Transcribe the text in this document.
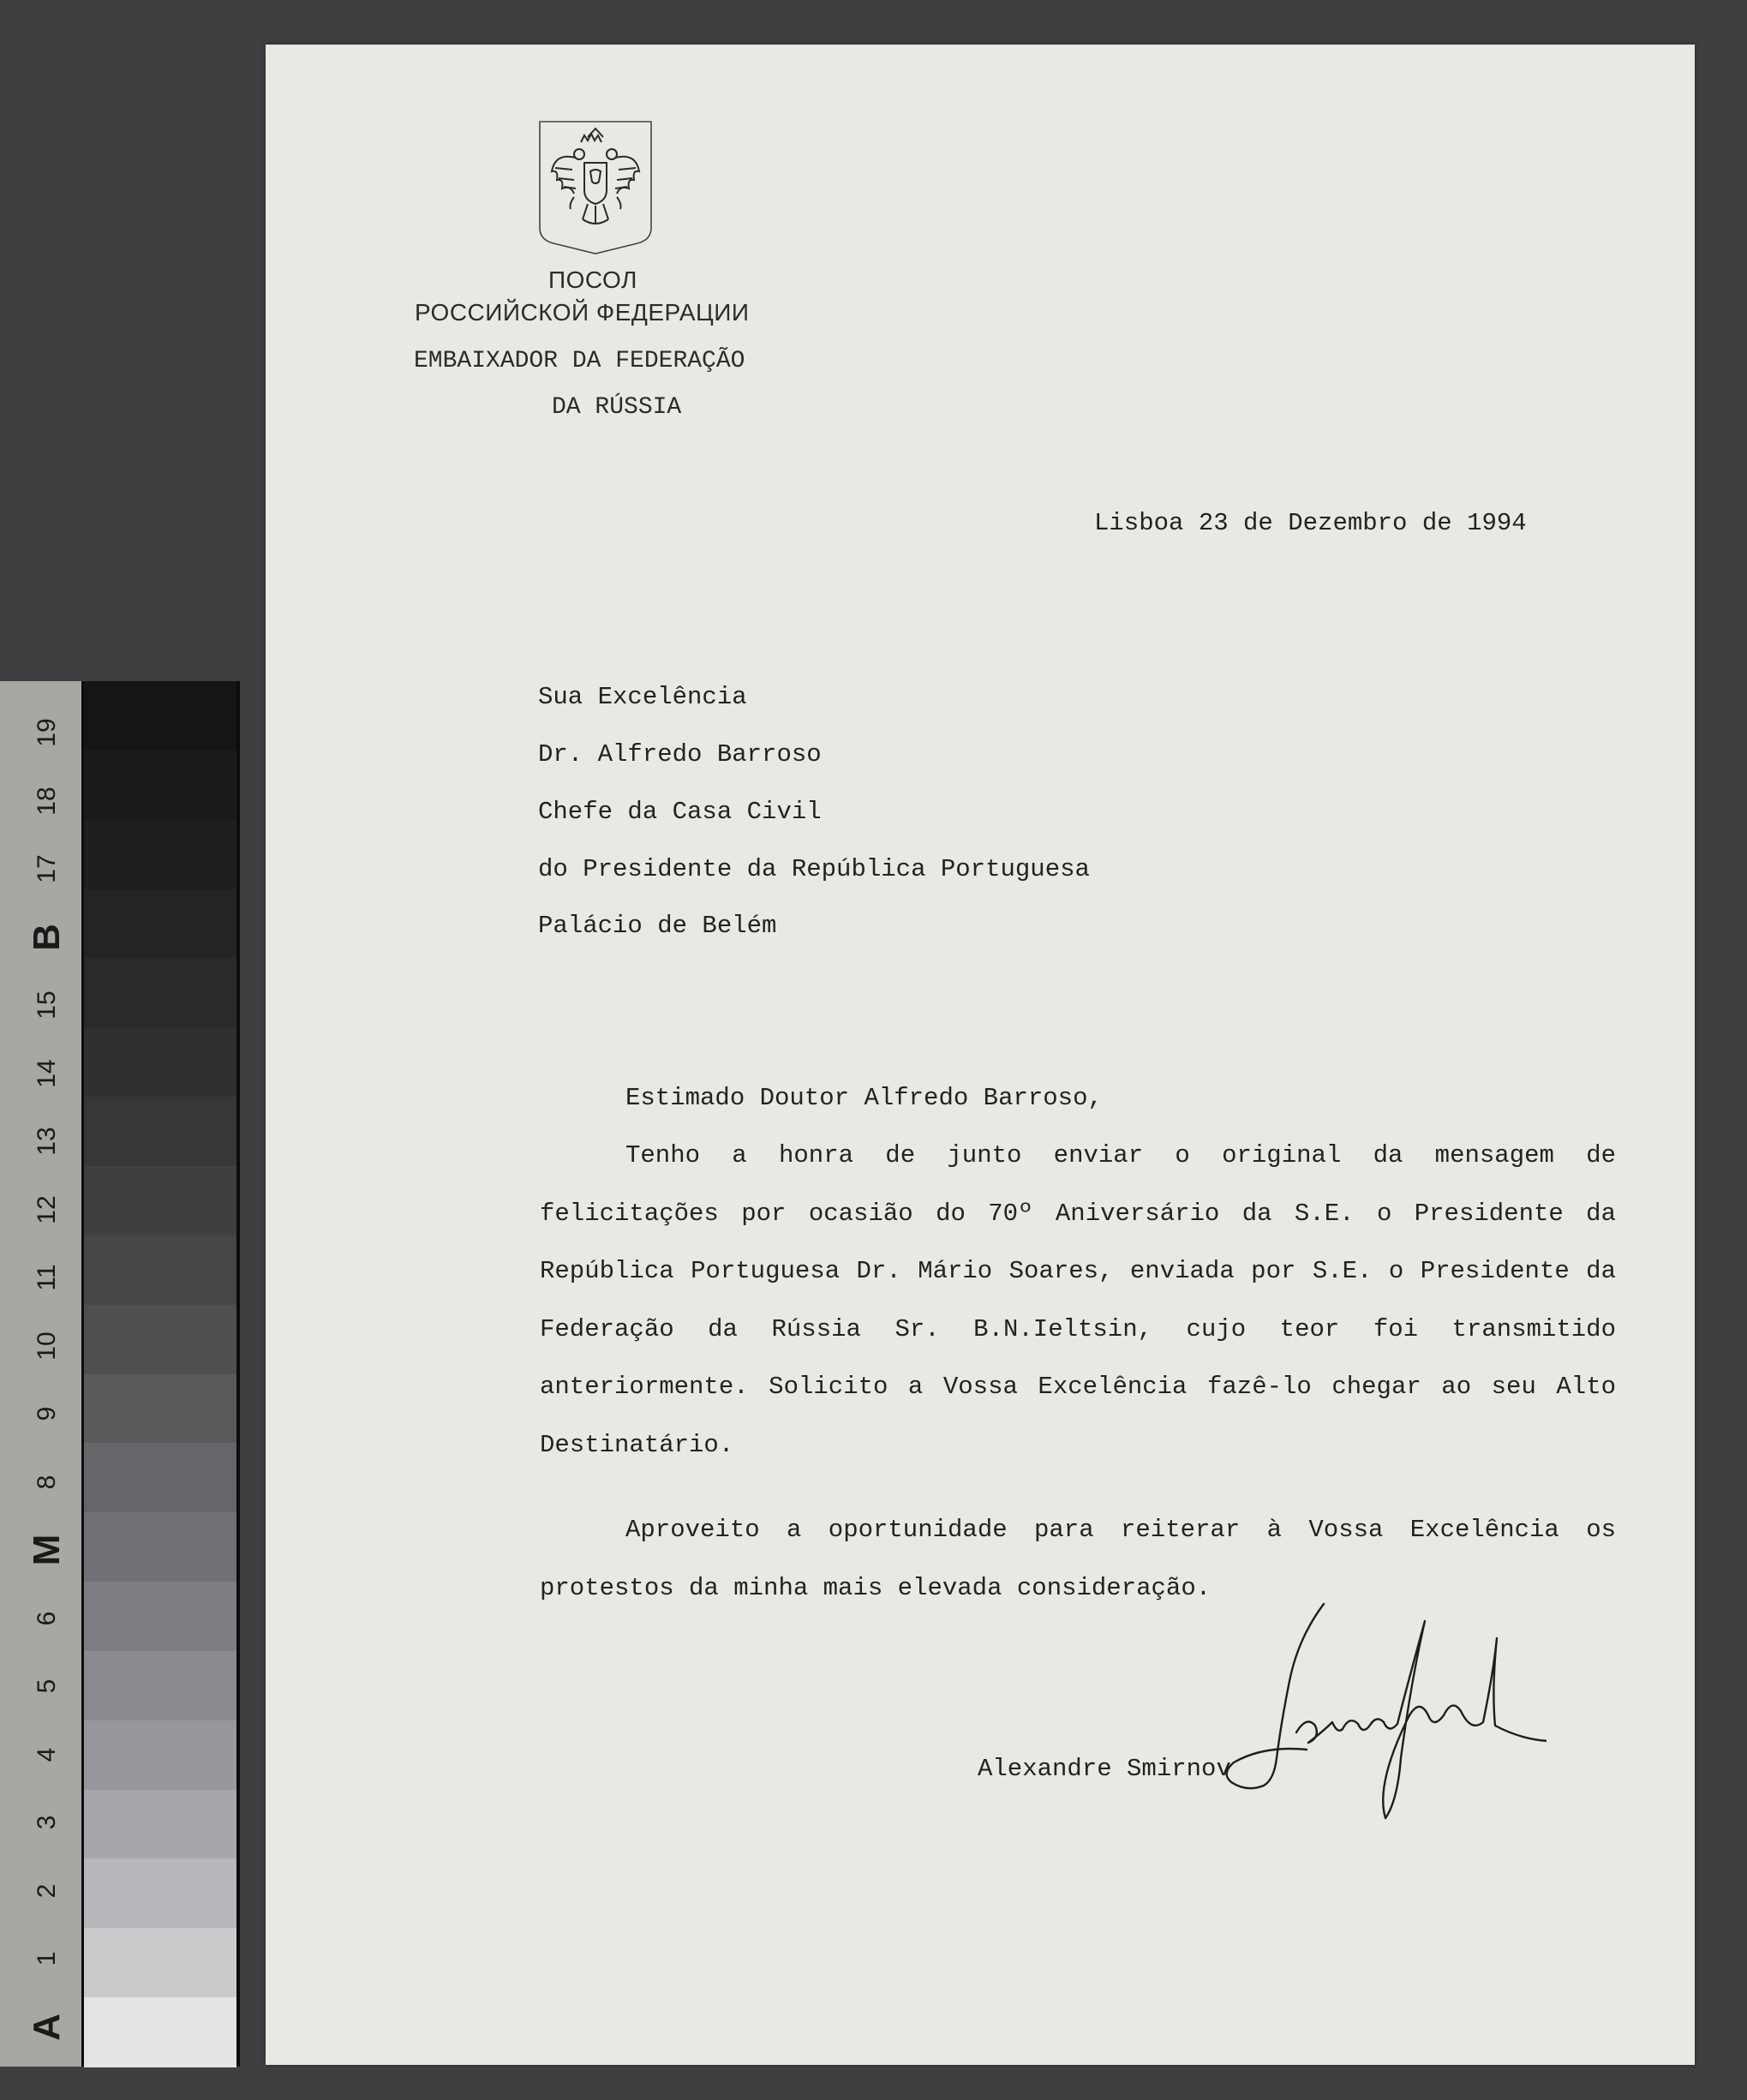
19
18
17
B
15
14
13
12
11
10
9
8
M
6
5
4
3
2
1
A
ПОСОЛ
РОССИЙСКОЙ ФЕДЕРАЦИИ
EMBAIXADOR DA FEDERAÇÃO
DA RÚSSIA
Lisboa 23 de Dezembro de 1994
Sua Excelência
Dr. Alfredo Barroso
Chefe da Casa Civil
do Presidente da República Portuguesa
Palácio de Belém
Estimado Doutor Alfredo Barroso,
Tenho a honra de junto enviar o original da mensagem de felicitações por ocasião do 70º Aniversário da S.E. o Presidente da República Portuguesa Dr. Mário Soares, enviada por S.E. o Presidente da Federação da Rússia Sr. B.N.Ieltsin, cujo teor foi transmitido anteriormente. Solicito a Vossa Excelência fazê-lo chegar ao seu Alto Destinatário.
Aproveito a oportunidade para reiterar à Vossa Excelência os protestos da minha mais elevada consideração.
Alexandre Smirnov
